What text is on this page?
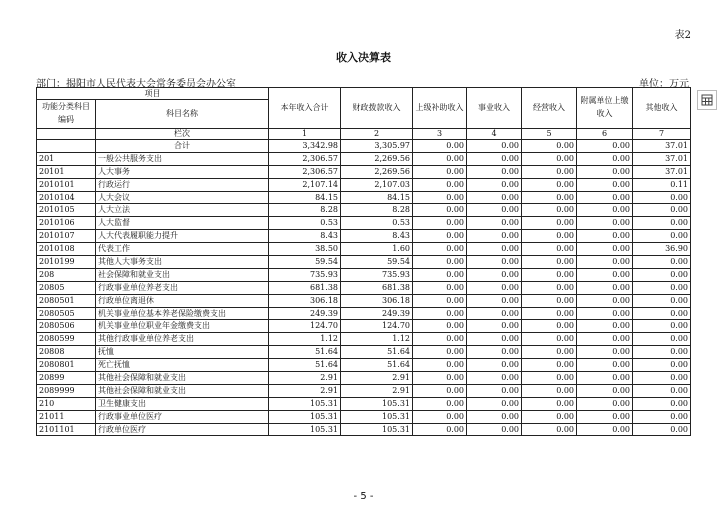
表2
收入决算表
部门：揭阳市人民代表大会常务委员会办公室	单位：万元
项目		本年收入合计	财政拨款收入	上级补助收入	事业收入	经营收入	附属单位上缴收入	其他收入
功能分类科目编码	科目名称							
	栏次	1	2	3	4	5	6	7
	合计	3,342.98	3,305.97	0.00	0.00	0.00	0.00	37.01
201	一般公共服务支出	2,306.57	2,269.56	0.00	0.00	0.00	0.00	37.01
20101	人大事务	2,306.57	2,269.56	0.00	0.00	0.00	0.00	37.01
2010101	行政运行	2,107.14	2,107.03	0.00	0.00	0.00	0.00	0.11
2010104	人大会议	84.15	84.15	0.00	0.00	0.00	0.00	0.00
2010105	人大立法	8.28	8.28	0.00	0.00	0.00	0.00	0.00
2010106	人大监督	0.53	0.53	0.00	0.00	0.00	0.00	0.00
2010107	人大代表履职能力提升	8.43	8.43	0.00	0.00	0.00	0.00	0.00
2010108	代表工作	38.50	1.60	0.00	0.00	0.00	0.00	36.90
2010199	其他人大事务支出	59.54	59.54	0.00	0.00	0.00	0.00	0.00
208	社会保障和就业支出	735.93	735.93	0.00	0.00	0.00	0.00	0.00
20805	行政事业单位养老支出	681.38	681.38	0.00	0.00	0.00	0.00	0.00
2080501	行政单位离退休	306.18	306.18	0.00	0.00	0.00	0.00	0.00
2080505	机关事业单位基本养老保险缴费支出	249.39	249.39	0.00	0.00	0.00	0.00	0.00
2080506	机关事业单位职业年金缴费支出	124.70	124.70	0.00	0.00	0.00	0.00	0.00
2080599	其他行政事业单位养老支出	1.12	1.12	0.00	0.00	0.00	0.00	0.00
20808	抚恤	51.64	51.64	0.00	0.00	0.00	0.00	0.00
2080801	死亡抚恤	51.64	51.64	0.00	0.00	0.00	0.00	0.00
20899	其他社会保障和就业支出	2.91	2.91	0.00	0.00	0.00	0.00	0.00
2089999	其他社会保障和就业支出	2.91	2.91	0.00	0.00	0.00	0.00	0.00
210	卫生健康支出	105.31	105.31	0.00	0.00	0.00	0.00	0.00
21011	行政事业单位医疗	105.31	105.31	0.00	0.00	0.00	0.00	0.00
2101101	行政单位医疗	105.31	105.31	0.00	0.00	0.00	0.00	0.00
- 5 -
